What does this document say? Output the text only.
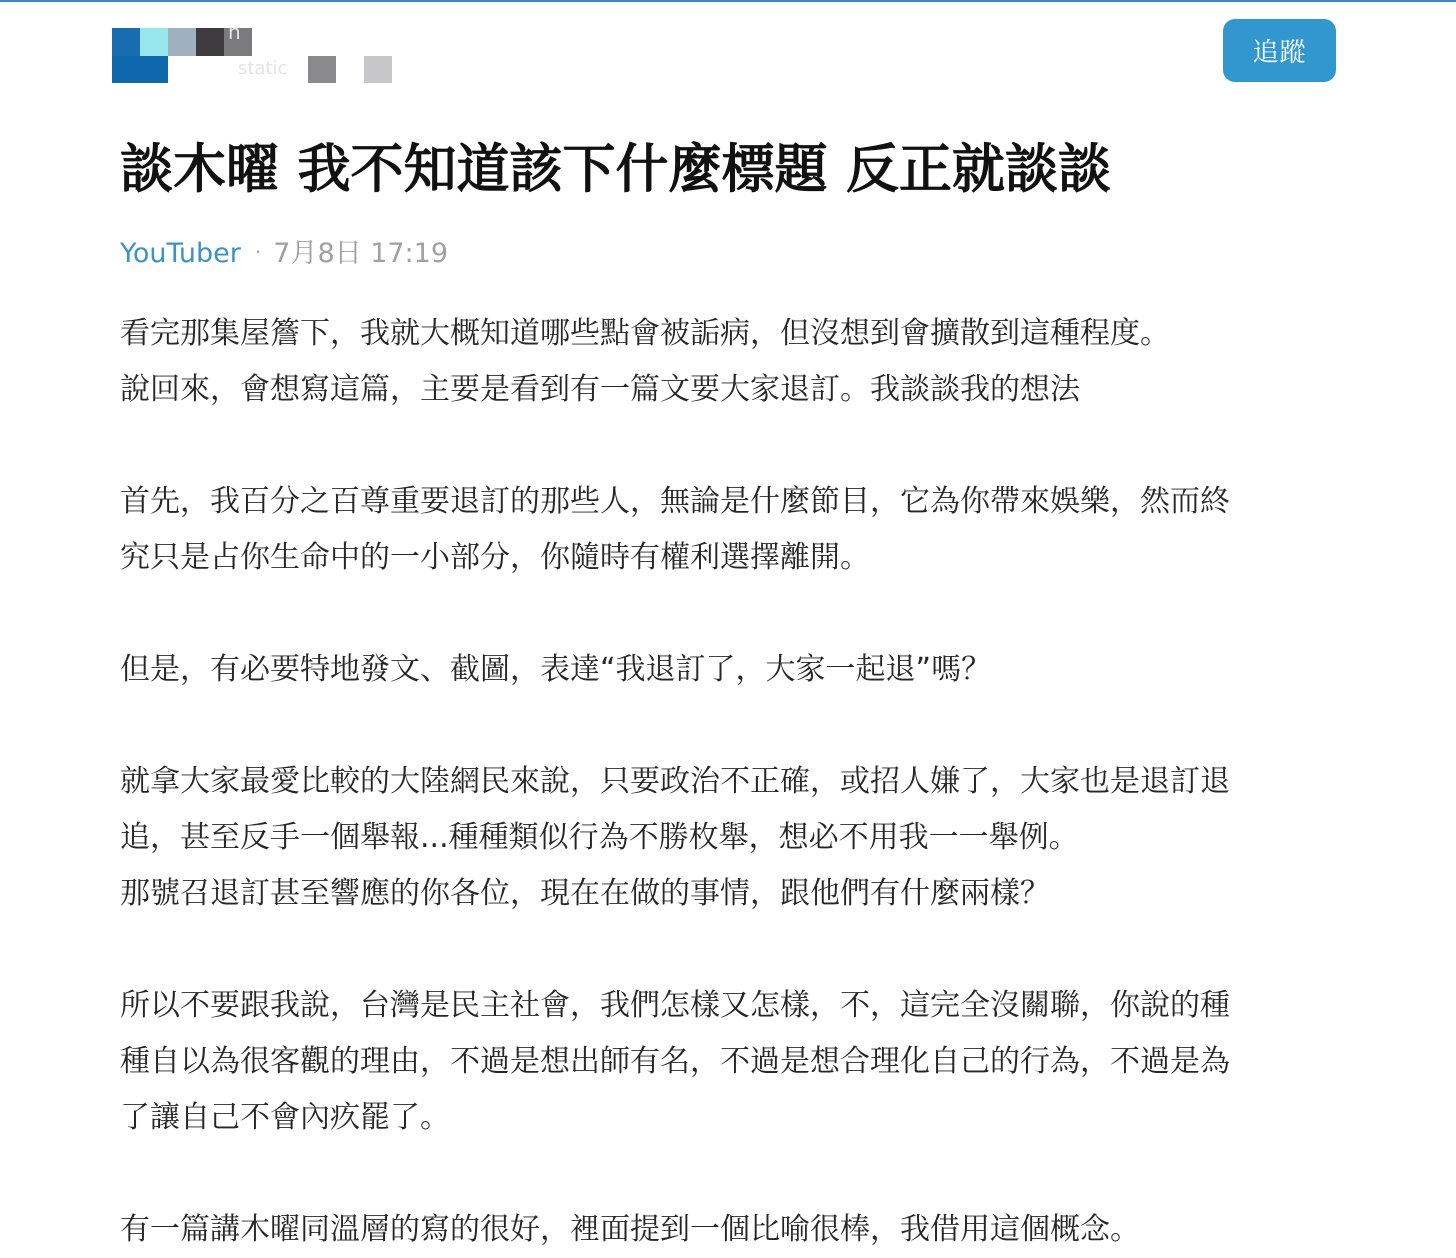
n
static
追蹤
談木曜 我不知道該下什麼標題 反正就談談
YouTuber · 7月8日 17:19

看完那集屋簷下，我就大概知道哪些點會被詬病，但沒想到會擴散到這種程度。

說回來，會想寫這篇，主要是看到有一篇文要大家退訂。我談談我的想法

首先，我百分之百尊重要退訂的那些人，無論是什麼節目，它為你帶來娛樂，然而終

究只是占你生命中的一小部分，你隨時有權利選擇離開。

但是，有必要特地發文、截圖，表達“我退訂了，大家一起退”嗎？

就拿大家最愛比較的大陸網民來說，只要政治不正確，或招人嫌了，大家也是退訂退

追，甚至反手一個舉報...種種類似行為不勝枚舉，想必不用我一一舉例。

那號召退訂甚至響應的你各位，現在在做的事情，跟他們有什麼兩樣？

所以不要跟我說，台灣是民主社會，我們怎樣又怎樣，不，這完全沒關聯，你說的種

種自以為很客觀的理由，不過是想出師有名，不過是想合理化自己的行為，不過是為

了讓自己不會內疚罷了。

有一篇講木曜同溫層的寫的很好，裡面提到一個比喻很棒，我借用這個概念。
